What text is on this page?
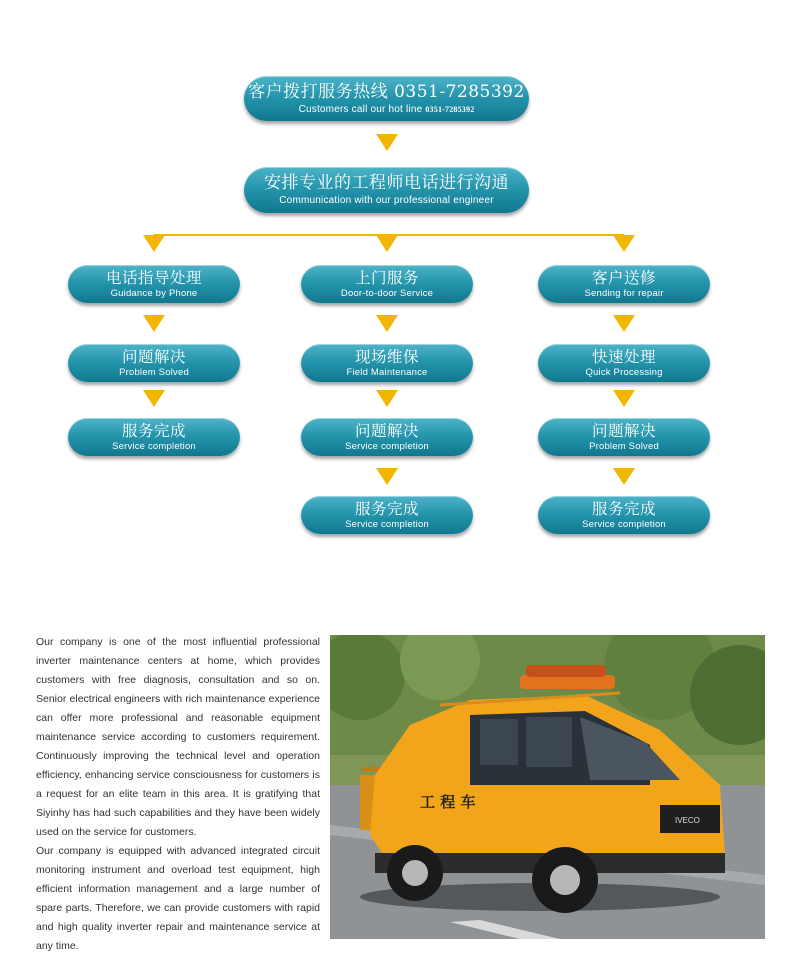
客户拨打服务热线 0351-7285392
Customers call our hot line 0351-7285392
安排专业的工程师电话进行沟通
Communication with our professional engineer
电话指导处理
Guidance by Phone
问题解决
Problem Solved
服务完成
Service completion
上门服务
Door-to-door Service
现场维保
Field Maintenance
问题解决
Service completion
服务完成
Service completion
客户送修
Sending for repair
快速处理
Quick Processing
问题解决
Problem Solved
服务完成
Service completion

Our company is one of the most influential professional inverter maintenance centers at home, which provides customers with free diagnosis, consultation and so on. Senior electrical engineers with rich maintenance experience can offer more professional and reasonable equipment maintenance service according to customers requirement. Continuously improving the technical level and operation efficiency, enhancing service consciousness for customers is a request for an elite team in this area. It is gratifying that Siyinhy has had such capabilities and they have been widely used on the service for customers.

Our company is equipped with advanced integrated circuit monitoring instrument and overload test equipment, high efficient information management and a large number of spare parts. Therefore, we can provide customers with rapid and high quality inverter repair and maintenance service at any time.

工 程 车
IVECO
